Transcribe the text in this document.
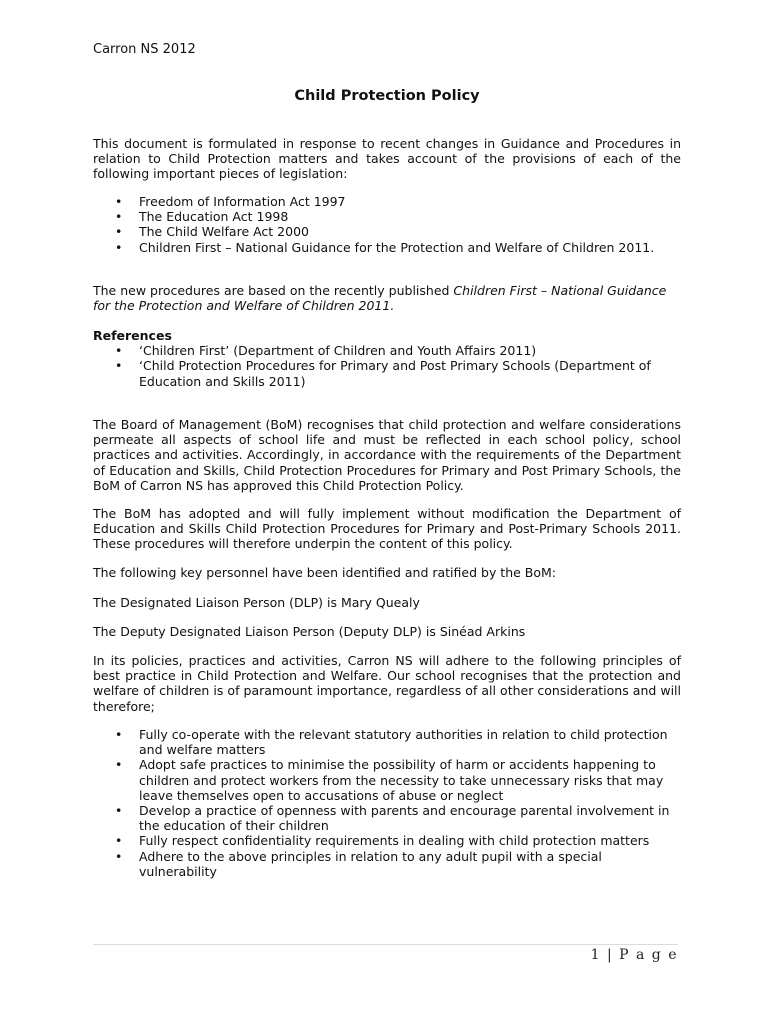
Carron NS 2012
Child Protection Policy

This document is formulated in response to recent changes in Guidance and Procedures in relation to Child Protection matters and takes account of the provisions of each of the following important pieces of legislation:

• Freedom of Information Act 1997
• The Education Act 1998
• The Child Welfare Act 2000
• Children First – National Guidance for the Protection and Welfare of Children 2011.

The new procedures are based on the recently published Children First – National Guidance for the Protection and Welfare of Children 2011.

References
• ‘Children First’ (Department of Children and Youth Affairs 2011)
• ‘Child Protection Procedures for Primary and Post Primary Schools (Department of Education and Skills 2011)

The Board of Management (BoM) recognises that child protection and welfare considerations permeate all aspects of school life and must be reflected in each school policy, school practices and activities. Accordingly, in accordance with the requirements of the Department of Education and Skills, Child Protection Procedures for Primary and Post Primary Schools, the BoM of Carron NS has approved this Child Protection Policy.

The BoM has adopted and will fully implement without modification the Department of Education and Skills Child Protection Procedures for Primary and Post-Primary Schools 2011. These procedures will therefore underpin the content of this policy.

The following key personnel have been identified and ratified by the BoM:

The Designated Liaison Person (DLP) is Mary Quealy

The Deputy Designated Liaison Person (Deputy DLP) is Sinéad Arkins

In its policies, practices and activities, Carron NS will adhere to the following principles of best practice in Child Protection and Welfare. Our school recognises that the protection and welfare of children is of paramount importance, regardless of all other considerations and will therefore;

• Fully co-operate with the relevant statutory authorities in relation to child protection and welfare matters
• Adopt safe practices to minimise the possibility of harm or accidents happening to children and protect workers from the necessity to take unnecessary risks that may leave themselves open to accusations of abuse or neglect
• Develop a practice of openness with parents and encourage parental involvement in the education of their children
• Fully respect confidentiality requirements in dealing with child protection matters
• Adhere to the above principles in relation to any adult pupil with a special vulnerability
1 | P a g e
